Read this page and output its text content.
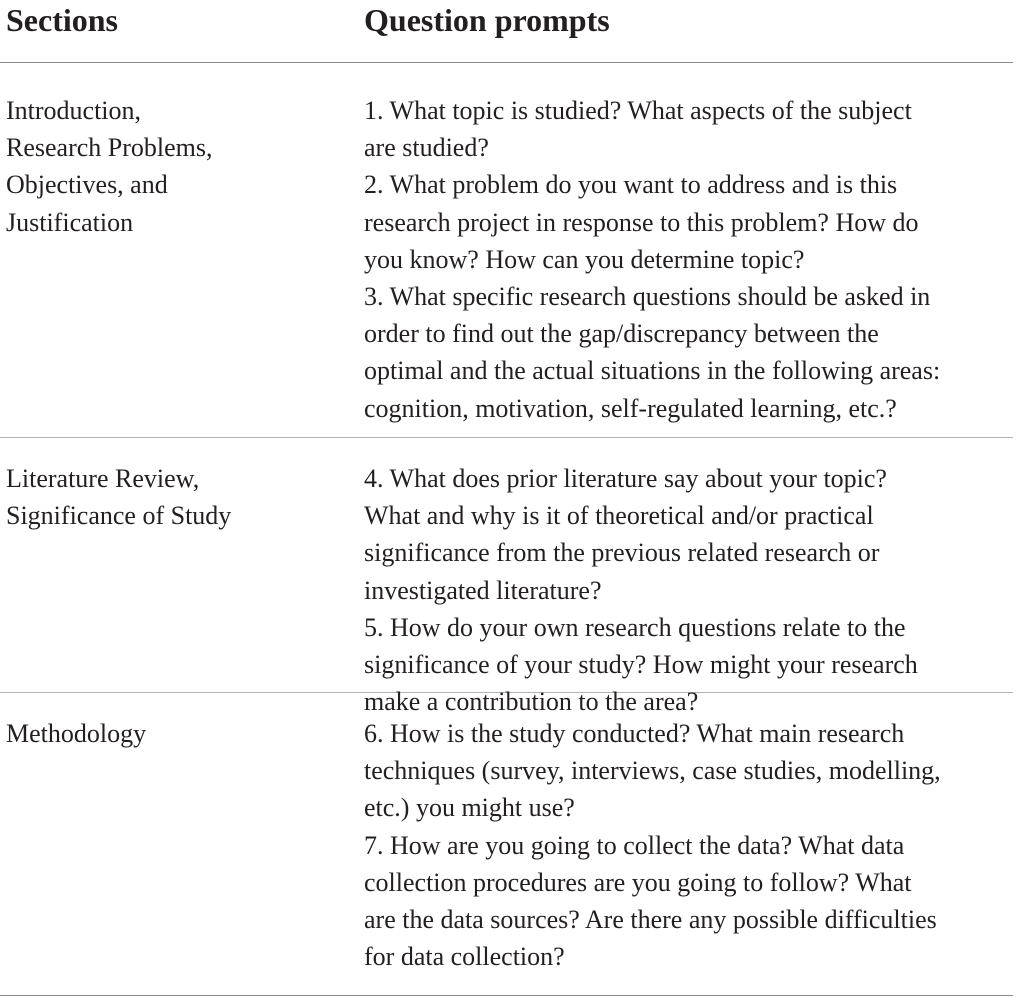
Sections	Question prompts
Introduction,
Research Problems,
Objectives, and
Justification
1. What topic is studied? What aspects of the subject
are studied?
2. What problem do you want to address and is this
research project in response to this problem? How do
you know? How can you determine topic?
3. What specific research questions should be asked in
order to find out the gap/discrepancy between the
optimal and the actual situations in the following areas:
cognition, motivation, self-regulated learning, etc.?
Literature Review,
Significance of Study
4. What does prior literature say about your topic?
What and why is it of theoretical and/or practical
significance from the previous related research or
investigated literature?
5. How do your own research questions relate to the
significance of your study? How might your research
make a contribution to the area?
Methodology	6. How is the study conducted? What main research
techniques (survey, interviews, case studies, modelling,
etc.) you might use?
7. How are you going to collect the data? What data
collection procedures are you going to follow? What
are the data sources? Are there any possible difficulties
for data collection?
